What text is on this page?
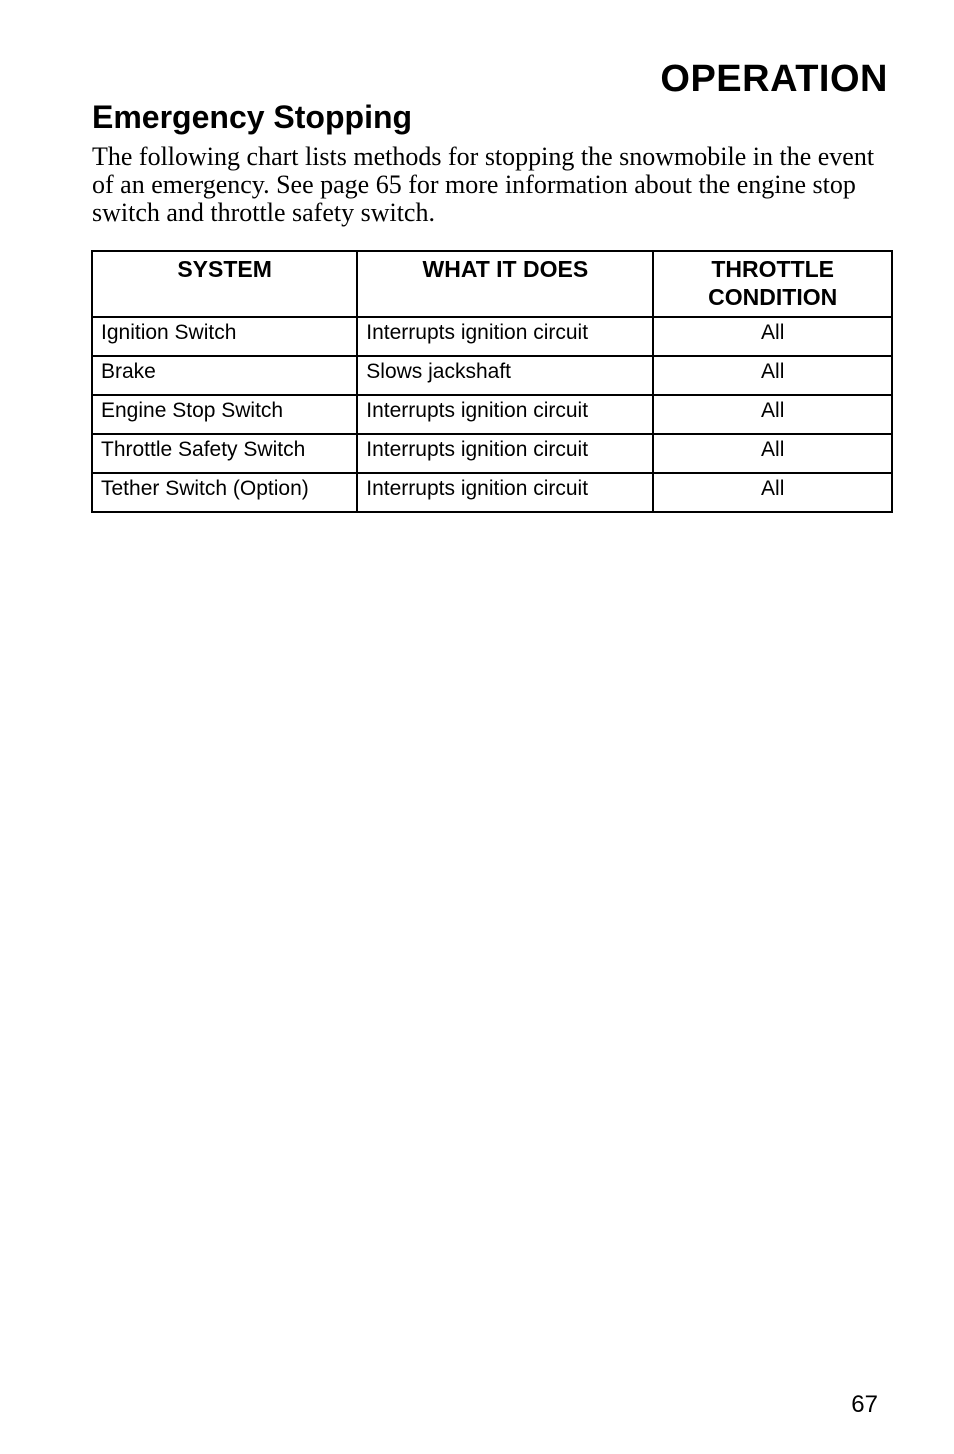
OPERATION
Emergency Stopping

The following chart lists methods for stopping the snowmobile in the event of an emergency. See page 65 for more information about the engine stop switch and throttle safety switch.

SYSTEM	WHAT IT DOES	THROTTLE
CONDITION
Ignition Switch	Interrupts ignition circuit	All
Brake	Slows jackshaft	All
Engine Stop Switch	Interrupts ignition circuit	All
Throttle Safety Switch	Interrupts ignition circuit	All
Tether Switch (Option)	Interrupts ignition circuit	All
67
